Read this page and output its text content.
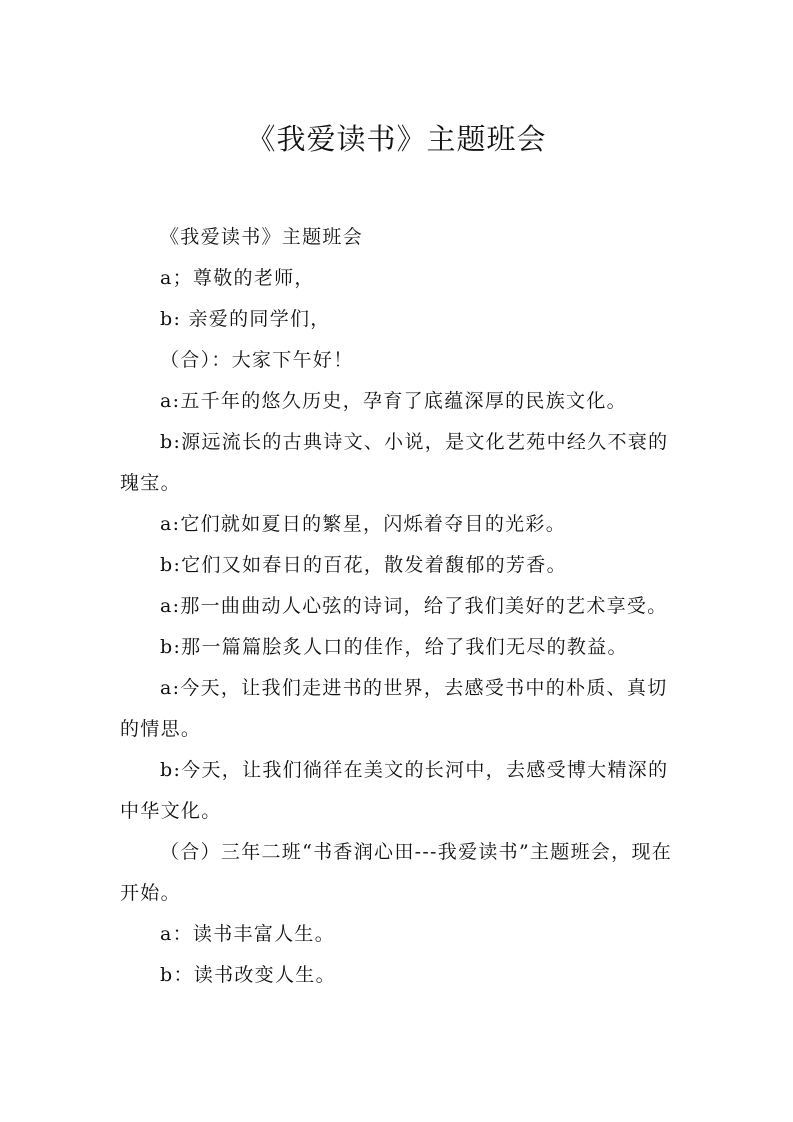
《我爱读书》主题班会

《我爱读书》主题班会

a；尊敬的老师，

b: 亲爱的同学们，

（合）：大家下午好！

a:五千年的悠久历史，孕育了底蕴深厚的民族文化。

b:源远流长的古典诗文、小说，是文化艺苑中经久不衰的瑰宝。

a:它们就如夏日的繁星，闪烁着夺目的光彩。

b:它们又如春日的百花，散发着馥郁的芳香。

a:那一曲曲动人心弦的诗词，给了我们美好的艺术享受。

b:那一篇篇脍炙人口的佳作，给了我们无尽的教益。

a:今天，让我们走进书的世界，去感受书中的朴质、真切的情思。

b:今天，让我们徜徉在美文的长河中，去感受博大精深的中华文化。

（合）三年二班“书香润心田---我爱读书”主题班会，现在开始。

a：读书丰富人生。

b：读书改变人生。
